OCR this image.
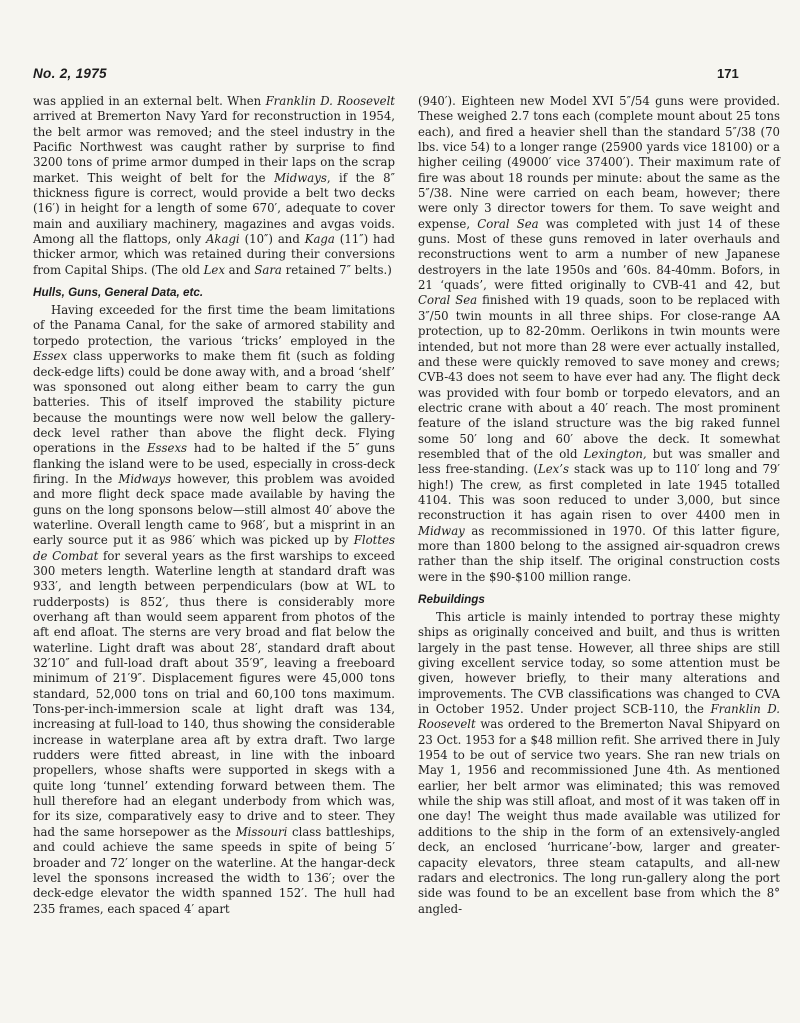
No. 2, 1975	171

was applied in an external belt. When Franklin D. Roosevelt arrived at Bremerton Navy Yard for reconstruction in 1954, the belt armor was removed; and the steel industry in the Pacific Northwest was caught rather by surprise to find 3200 tons of prime armor dumped in their laps on the scrap market. This weight of belt for the Midways, if the 8″ thickness figure is correct, would provide a belt two decks (16′) in height for a length of some 670′, adequate to cover main and auxiliary machinery, magazines and avgas voids. Among all the flattops, only Akagi (10″) and Kaga (11″) had thicker armor, which was retained during their conversions from Capital Ships. (The old Lex and Sara retained 7″ belts.)

Hulls, Guns, General Data, etc.

Having exceeded for the first time the beam limitations of the Panama Canal, for the sake of armored stability and torpedo protection, the various ‘tricks’ employed in the Essex class upperworks to make them fit (such as folding deck-edge lifts) could be done away with, and a broad ‘shelf’ was sponsoned out along either beam to carry the gun batteries. This of itself improved the stability picture because the mountings were now well below the gallery-deck level rather than above the flight deck. Flying operations in the Essexs had to be halted if the 5″ guns flanking the island were to be used, especially in cross-deck firing. In the Midways however, this problem was avoided and more flight deck space made available by having the guns on the long sponsons below—still almost 40′ above the waterline. Overall length came to 968′, but a misprint in an early source put it as 986′ which was picked up by Flottes de Combat for several years as the first warships to exceed 300 meters length. Waterline length at standard draft was 933′, and length between perpendiculars (bow at WL to rudderposts) is 852′, thus there is considerably more overhang aft than would seem apparent from photos of the aft end afloat. The sterns are very broad and flat below the waterline. Light draft was about 28′, standard draft about 32′10″ and full-load draft about 35′9″, leaving a freeboard minimum of 21′9″. Displacement figures were 45,000 tons standard, 52,000 tons on trial and 60,100 tons maximum. Tons-per-inch-immersion scale at light draft was 134, increasing at full-load to 140, thus showing the considerable increase in waterplane area aft by extra draft. Two large rudders were fitted abreast, in line with the inboard propellers, whose shafts were supported in skegs with a quite long ‘tunnel’ extending forward between them. The hull therefore had an elegant underbody from which was, for its size, comparatively easy to drive and to steer. They had the same horsepower as the Missouri class battleships, and could achieve the same speeds in spite of being 5′ broader and 72′ longer on the waterline. At the hangar-deck level the sponsons increased the width to 136′; over the deck-edge elevator the width spanned 152′. The hull had 235 frames, each spaced 4′ apart

(940′). Eighteen new Model XVI 5″/54 guns were provided. These weighed 2.7 tons each (complete mount about 25 tons each), and fired a heavier shell than the standard 5″/38 (70 lbs. vice 54) to a longer range (25900 yards vice 18100) or a higher ceiling (49000′ vice 37400′). Their maximum rate of fire was about 18 rounds per minute: about the same as the 5″/38. Nine were carried on each beam, however; there were only 3 director towers for them. To save weight and expense, Coral Sea was completed with just 14 of these guns. Most of these guns removed in later overhauls and reconstructions went to arm a number of new Japanese destroyers in the late 1950s and ’60s. 84-40mm. Bofors, in 21 ‘quads’, were fitted originally to CVB-41 and 42, but Coral Sea finished with 19 quads, soon to be replaced with 3″/50 twin mounts in all three ships. For close-range AA protection, up to 82-20mm. Oerlikons in twin mounts were intended, but not more than 28 were ever actually installed, and these were quickly removed to save money and crews; CVB-43 does not seem to have ever had any. The flight deck was provided with four bomb or torpedo elevators, and an electric crane with about a 40′ reach. The most prominent feature of the island structure was the big raked funnel some 50′ long and 60′ above the deck. It somewhat resembled that of the old Lexington, but was smaller and less free-standing. (Lex’s stack was up to 110′ long and 79′ high!) The crew, as first completed in late 1945 totalled 4104. This was soon reduced to under 3,000, but since reconstruction it has again risen to over 4400 men in Midway as recommissioned in 1970. Of this latter figure, more than 1800 belong to the assigned air-squadron crews rather than the ship itself. The original construction costs were in the $90-$100 million range.

Rebuildings

This article is mainly intended to portray these mighty ships as originally conceived and built, and thus is written largely in the past tense. However, all three ships are still giving excellent service today, so some attention must be given, however briefly, to their many alterations and improvements. The CVB classifications was changed to CVA in October 1952. Under project SCB-110, the Franklin D. Roosevelt was ordered to the Bremerton Naval Shipyard on 23 Oct. 1953 for a $48 million refit. She arrived there in July 1954 to be out of service two years. She ran new trials on May 1, 1956 and recommissioned June 4th. As mentioned earlier, her belt armor was eliminated; this was removed while the ship was still afloat, and most of it was taken off in one day! The weight thus made available was utilized for additions to the ship in the form of an extensively-angled deck, an enclosed ‘hurricane’-bow, larger and greater-capacity elevators, three steam catapults, and all-new radars and electronics. The long run-gallery along the port side was found to be an excellent base from which the 8° angled-
